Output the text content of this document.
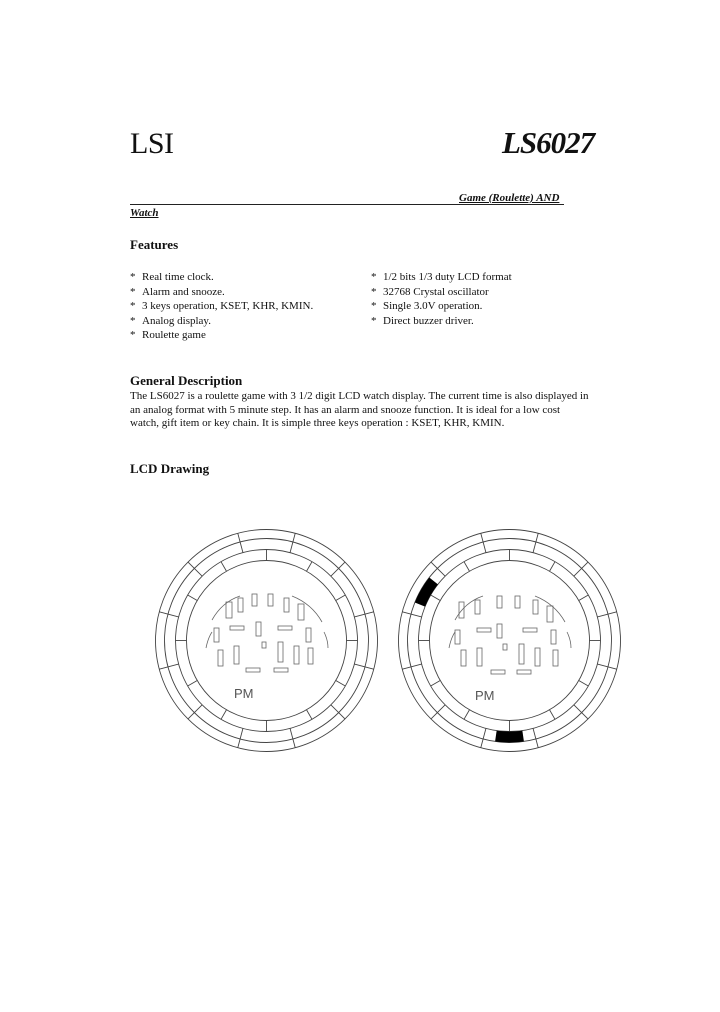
LSI	LS6027
Game (Roulette) AND
Watch
Features
* Real time clock.
* Alarm and snooze.
* 3 keys operation, KSET, KHR, KMIN.
* Analog display.
* Roulette game
* 1/2 bits 1/3 duty LCD format
* 32768 Crystal oscillator
* Single 3.0V operation.
* Direct buzzer driver.
General Description

The LS6027 is a roulette game with 3 1/2 digit LCD watch display. The current time is also displayed in an analog format with 5 minute step. It has an alarm and snooze function. It is ideal for a low cost watch, gift item or key chain. It is simple three keys operation : KSET, KHR, KMIN.

LCD Drawing
PM	PM
